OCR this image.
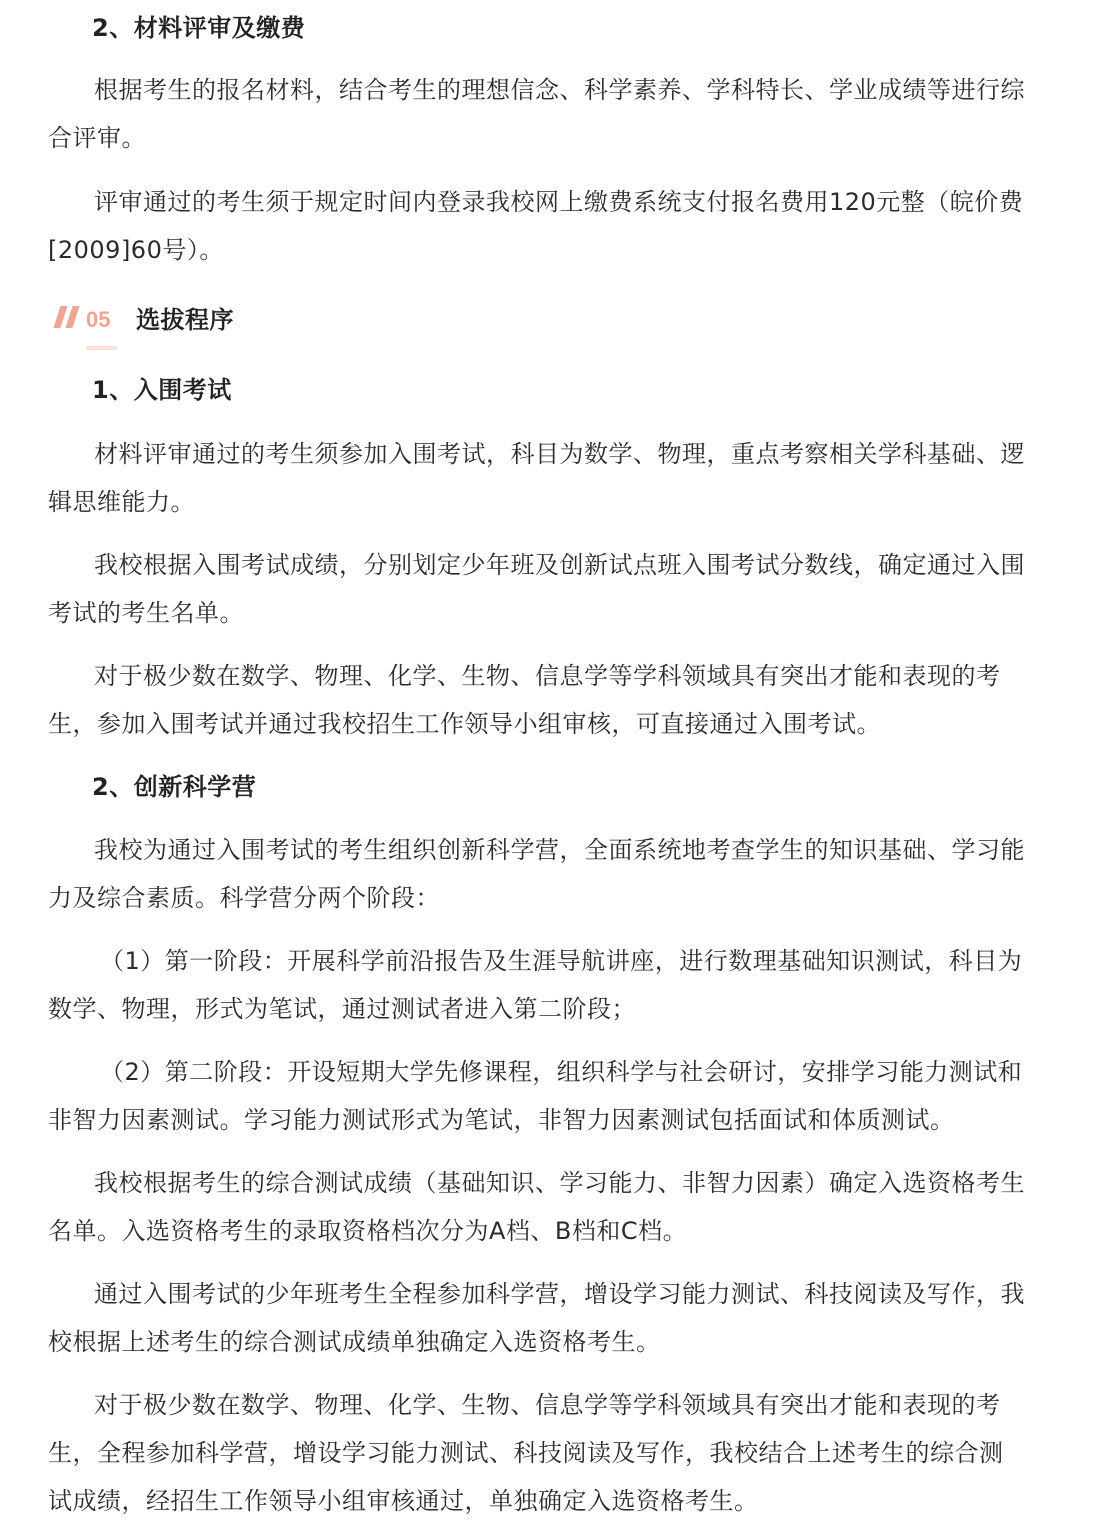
2、材料评审及缴费
根据考生的报名材料，结合考生的理想信念、科学素养、学科特长、学业成绩等进行综
合评审。
评审通过的考生须于规定时间内登录我校网上缴费系统支付报名费用120元整（皖价费
[2009]60号）。
05 选拔程序
1、入围考试
材料评审通过的考生须参加入围考试，科目为数学、物理，重点考察相关学科基础、逻
辑思维能力。
我校根据入围考试成绩，分别划定少年班及创新试点班入围考试分数线，确定通过入围
考试的考生名单。
对于极少数在数学、物理、化学、生物、信息学等学科领域具有突出才能和表现的考
生，参加入围考试并通过我校招生工作领导小组审核，可直接通过入围考试。
2、创新科学营
我校为通过入围考试的考生组织创新科学营，全面系统地考查学生的知识基础、学习能
力及综合素质。科学营分两个阶段：
（1）第一阶段：开展科学前沿报告及生涯导航讲座，进行数理基础知识测试，科目为
数学、物理，形式为笔试，通过测试者进入第二阶段；
（2）第二阶段：开设短期大学先修课程，组织科学与社会研讨，安排学习能力测试和
非智力因素测试。学习能力测试形式为笔试，非智力因素测试包括面试和体质测试。
我校根据考生的综合测试成绩（基础知识、学习能力、非智力因素）确定入选资格考生
名单。入选资格考生的录取资格档次分为A档、B档和C档。
通过入围考试的少年班考生全程参加科学营，增设学习能力测试、科技阅读及写作，我
校根据上述考生的综合测试成绩单独确定入选资格考生。
对于极少数在数学、物理、化学、生物、信息学等学科领域具有突出才能和表现的考
生，全程参加科学营，增设学习能力测试、科技阅读及写作，我校结合上述考生的综合测
试成绩，经招生工作领导小组审核通过，单独确定入选资格考生。
